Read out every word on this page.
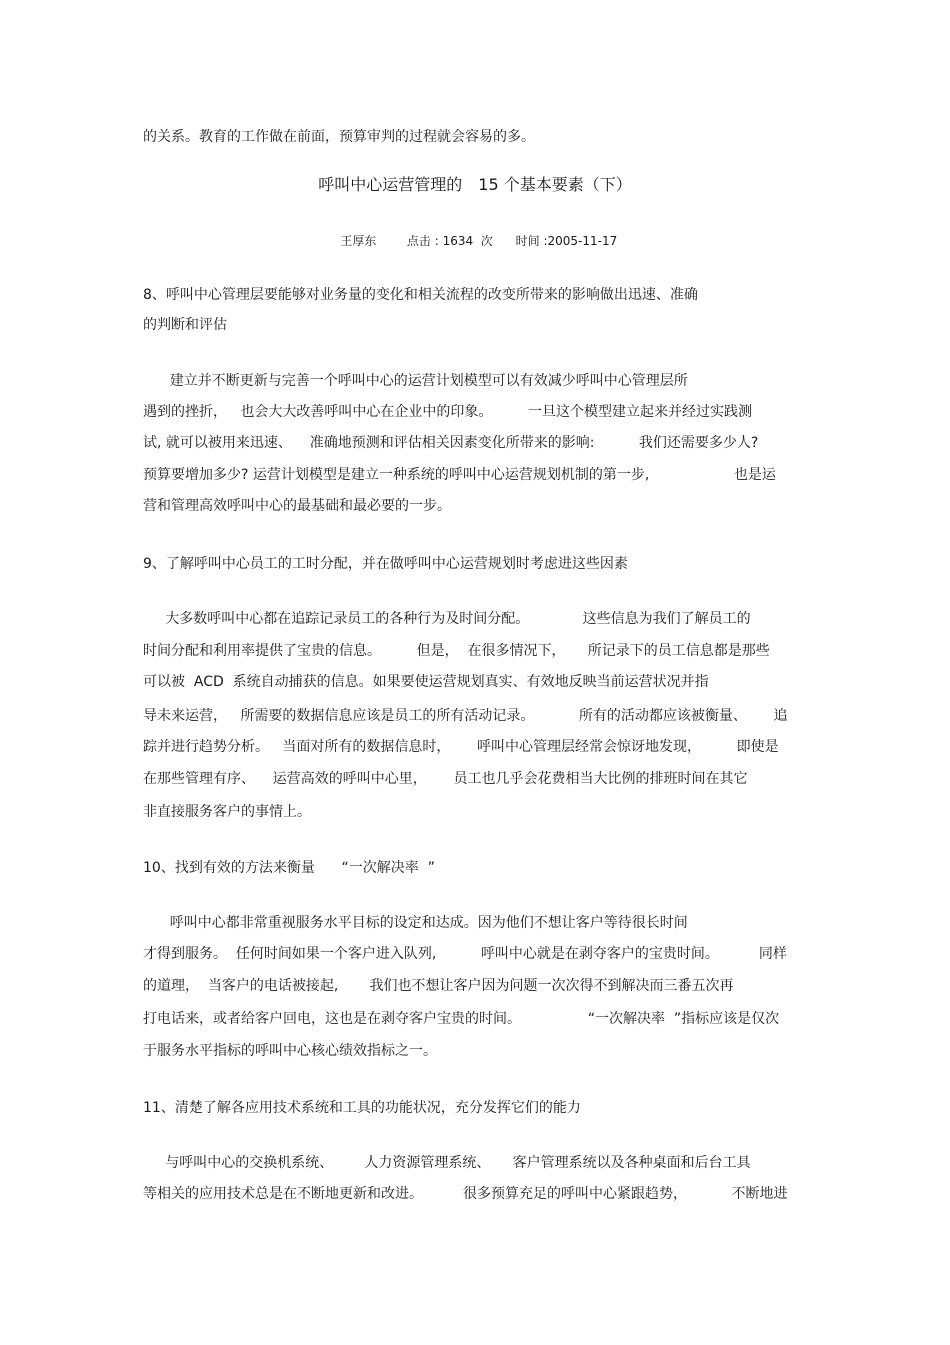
的关系。教育的工作做在前面，预算审判的过程就会容易的多。

呼叫中心运营管理的　15 个基本要素（下）

王厚东	点击 : 1634  次 时间 :2005-11-17

8、呼叫中心管理层要能够对业务量的变化和相关流程的改变所带来的影响做出迅速、准确

的判断和评估

建立并不断更新与完善一个呼叫中心的运营计划模型可以有效减少呼叫中心管理层所

遇到的挫折，   也会大大改善呼叫中心在企业中的印象。        一旦这个模型建立起来并经过实践测

试, 就可以被用来迅速、    准确地预测和评估相关因素变化所带来的影响:          我们还需要多少人?

预算要增加多少? 运营计划模型是建立一种系统的呼叫中心运营规划机制的第一步,                   也是运

营和管理高效呼叫中心的最基础和最必要的一步。

9、了解呼叫中心员工的工时分配，并在做呼叫中心运营规划时考虑进这些因素

大多数呼叫中心都在追踪记录员工的各种行为及时间分配。            这些信息为我们了解员工的

时间分配和利用率提供了宝贵的信息。        但是，  在很多情况下，     所记录下的员工信息都是那些

可以被  ACD  系统自动捕获的信息。如果要使运营规划真实、有效地反映当前运营状况并指

导未来运营，   所需要的数据信息应该是员工的所有活动记录。          所有的活动都应该被衡量、      追

踪并进行趋势分析。   当面对所有的数据信息时，      呼叫中心管理层经常会惊讶地发现，        即使是

在那些管理有序、    运营高效的呼叫中心里，      员工也几乎会花费相当大比例的排班时间在其它

非直接服务客户的事情上。

10、找到有效的方法来衡量      “一次解决率  ”

呼叫中心都非常重视服务水平目标的设定和达成。因为他们不想让客户等待很长时间

才得到服务。  任何时间如果一个客户进入队列,          呼叫中心就是在剥夺客户的宝贵时间。         同样

的道理，  当客户的电话被接起,       我们也不想让客户因为问题一次次得不到解决而三番五次再

打电话来，或者给客户回电，这也是在剥夺客户宝贵的时间。               “一次解决率  ”指标应该是仅次

于服务水平指标的呼叫中心核心绩效指标之一。

11、清楚了解各应用技术系统和工具的功能状况，充分发挥它们的能力

与呼叫中心的交换机系统、       人力资源管理系统、     客户管理系统以及各种桌面和后台工具

等相关的应用技术总是在不断地更新和改进。         很多预算充足的呼叫中心紧跟趋势，          不断地进
